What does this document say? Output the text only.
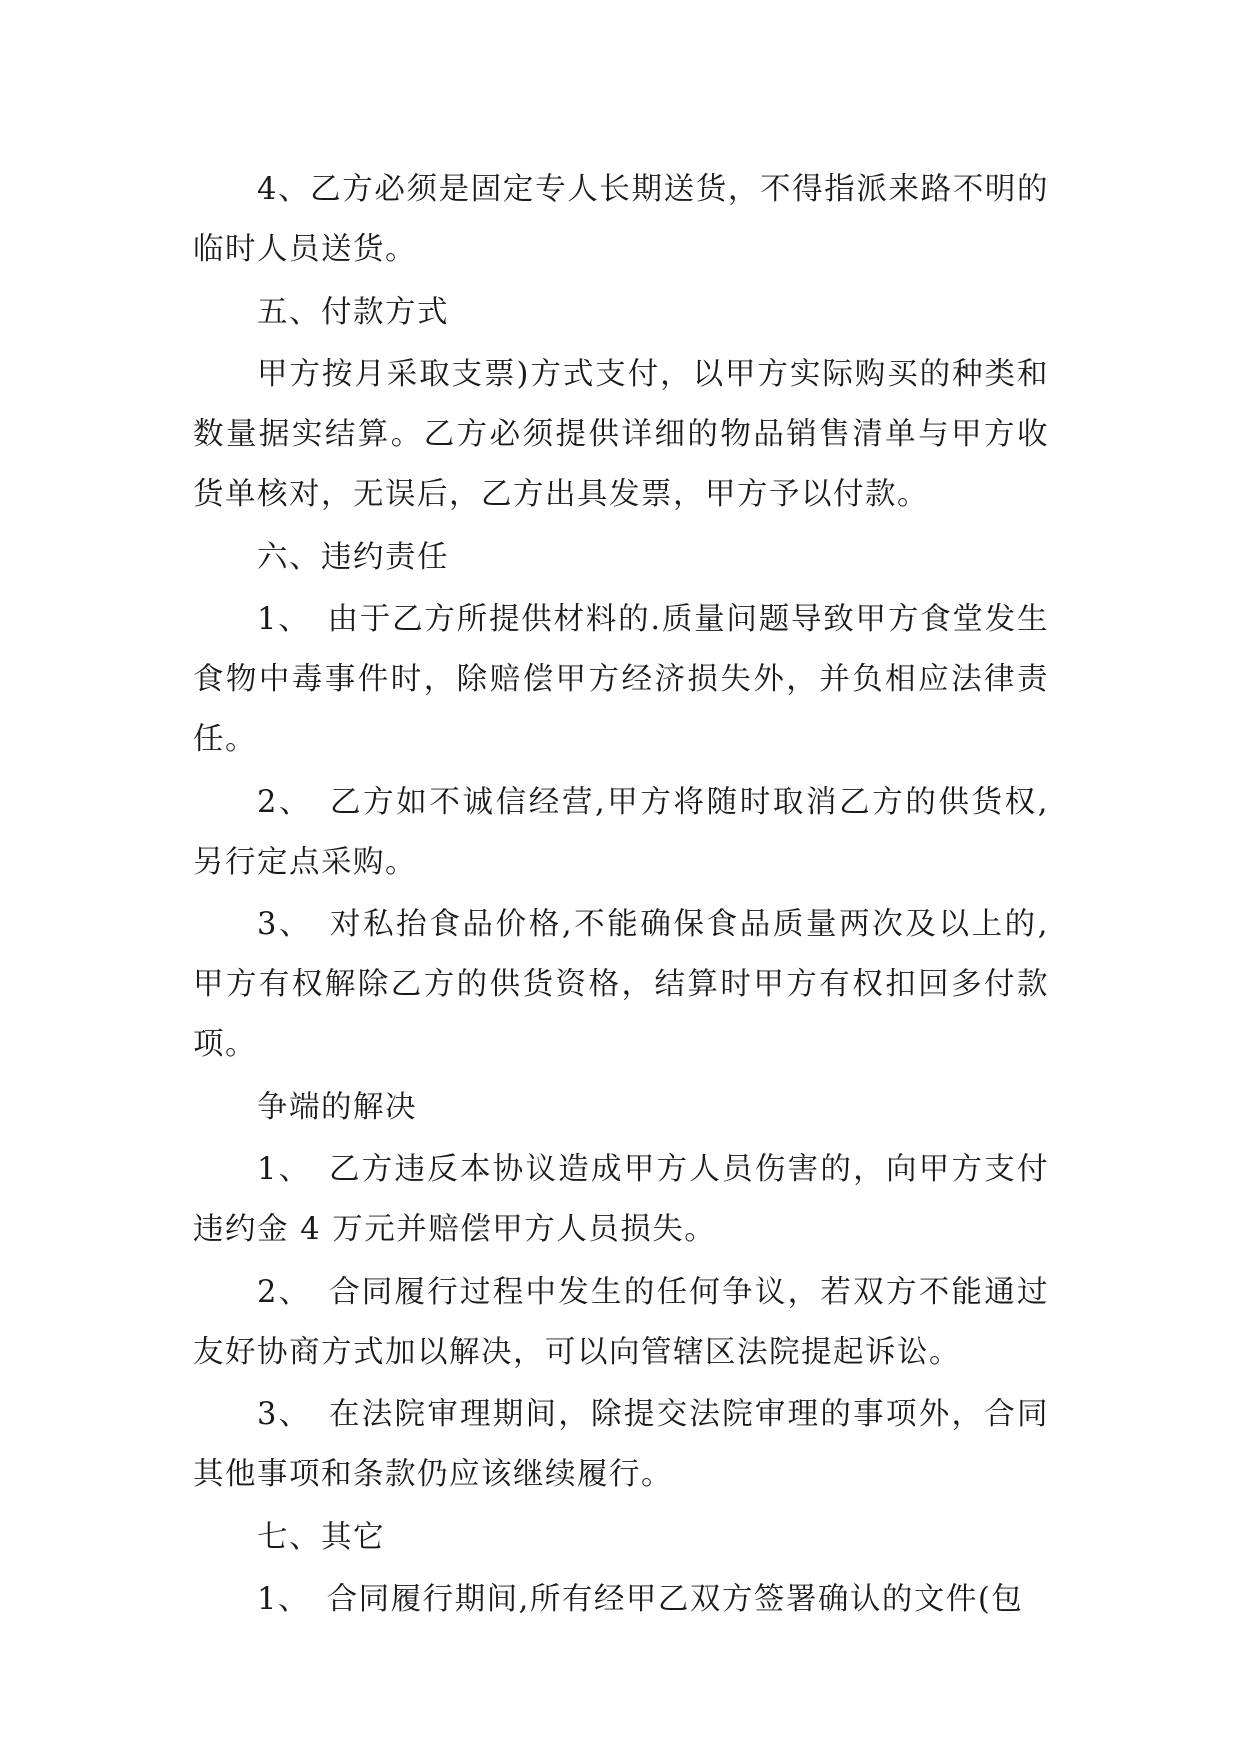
4、乙方必须是固定专人长期送货，不得指派来路不明的临时人员送货。

五、付款方式

甲方按月采取支票)方式支付，以甲方实际购买的种类和数量据实结算。乙方必须提供详细的物品销售清单与甲方收货单核对，无误后，乙方出具发票，甲方予以付款。

六、违约责任

1、　由于乙方所提供材料的.质量问题导致甲方食堂发生食物中毒事件时，除赔偿甲方经济损失外，并负相应法律责任。

2、　乙方如不诚信经营,甲方将随时取消乙方的供货权,另行定点采购。

3、　对私抬食品价格,不能确保食品质量两次及以上的,甲方有权解除乙方的供货资格，结算时甲方有权扣回多付款项。

争端的解决

1、　乙方违反本协议造成甲方人员伤害的，向甲方支付违约金 4 万元并赔偿甲方人员损失。

2、　合同履行过程中发生的任何争议，若双方不能通过友好协商方式加以解决，可以向管辖区法院提起诉讼。

3、　在法院审理期间，除提交法院审理的事项外，合同其他事项和条款仍应该继续履行。

七、其它

1、　合同履行期间,所有经甲乙双方签署确认的文件(包
